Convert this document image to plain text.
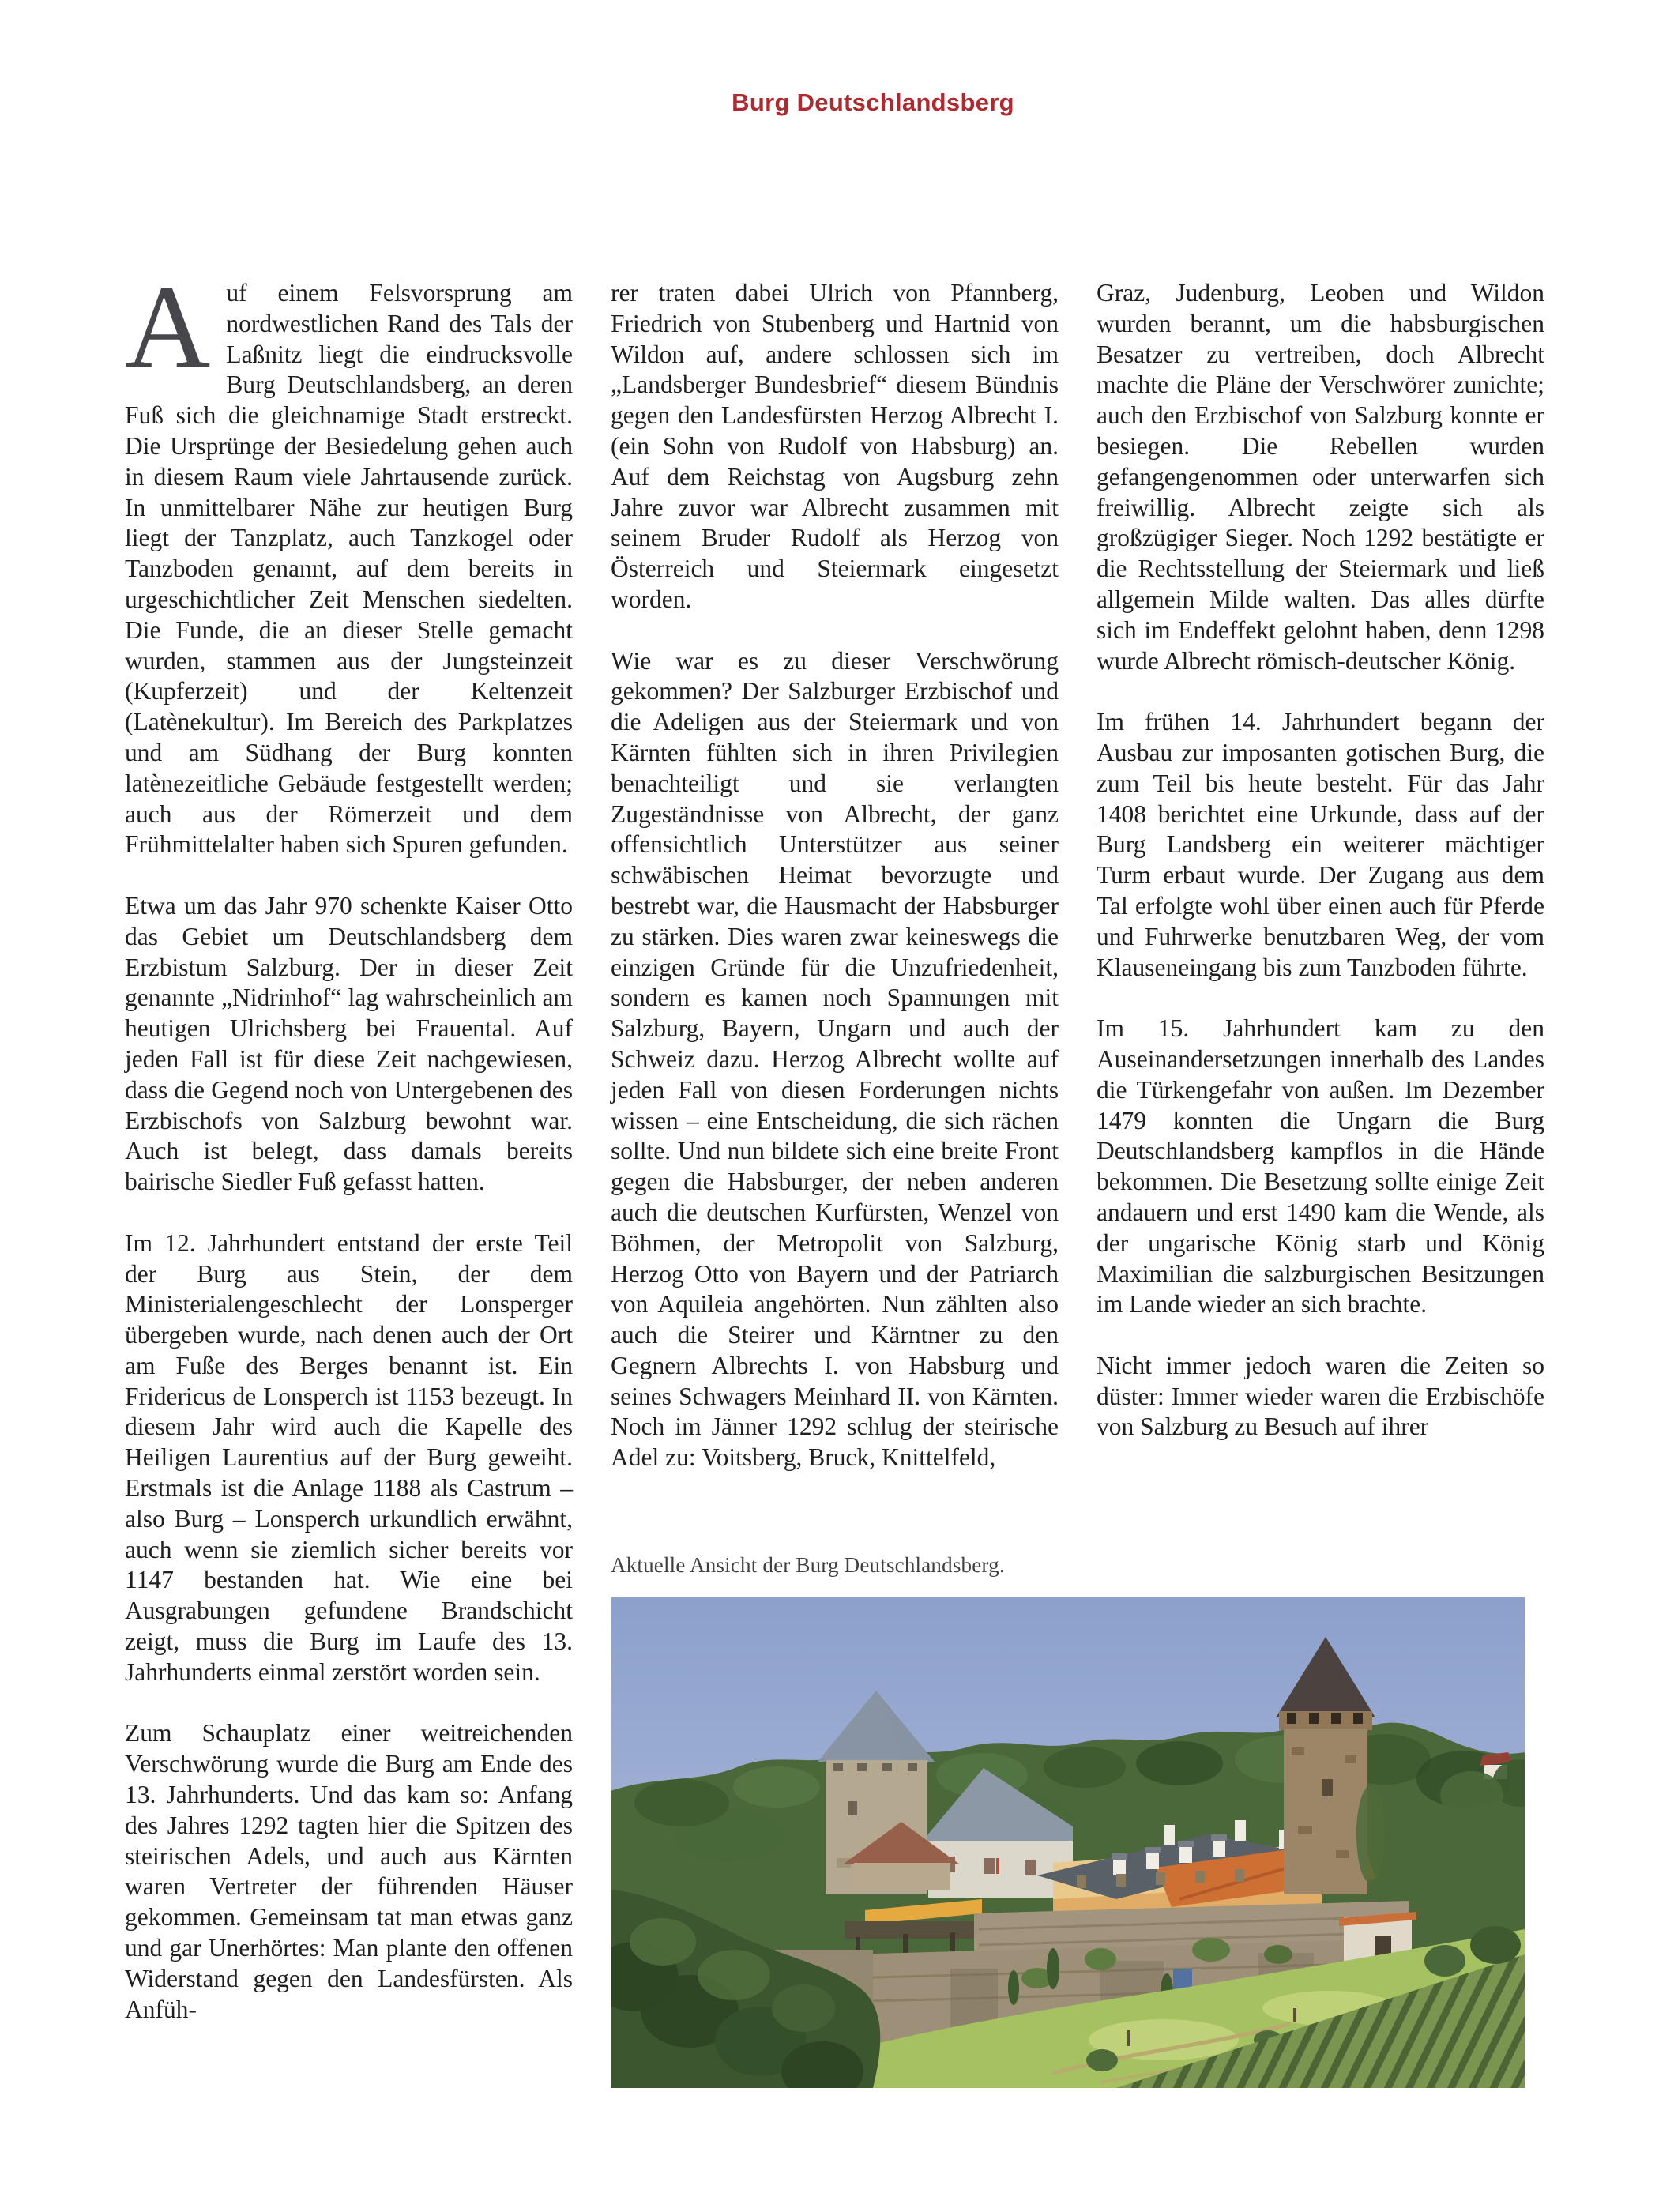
Burg Deutschlandsberg

Auf einem Felsvorsprung am nordwestlichen Rand des Tals der Laßnitz liegt die eindrucksvolle Burg Deutschlandsberg, an deren Fuß sich die gleichnamige Stadt erstreckt. Die Ursprünge der Besiedelung gehen auch in diesem Raum viele Jahrtausende zurück. In unmittelbarer Nähe zur heutigen Burg liegt der Tanzplatz, auch Tanzkogel oder Tanzboden genannt, auf dem bereits in urgeschichtlicher Zeit Menschen siedelten. Die Funde, die an dieser Stelle gemacht wurden, stammen aus der Jungsteinzeit (Kupferzeit) und der Keltenzeit (Latènekultur). Im Bereich des Parkplatzes und am Südhang der Burg konnten latènezeitliche Gebäude festgestellt werden; auch aus der Römerzeit und dem Frühmittelalter haben sich Spuren gefunden.

Etwa um das Jahr 970 schenkte Kaiser Otto das Gebiet um Deutschlandsberg dem Erzbistum Salzburg. Der in dieser Zeit genannte „Nidrinhof“ lag wahrscheinlich am heutigen Ulrichsberg bei Frauental. Auf jeden Fall ist für diese Zeit nachgewiesen, dass die Gegend noch von Untergebenen des Erzbischofs von Salzburg bewohnt war. Auch ist belegt, dass damals bereits bairische Siedler Fuß gefasst hatten.

Im 12. Jahrhundert entstand der erste Teil der Burg aus Stein, der dem Ministerialengeschlecht der Lonsperger übergeben wurde, nach denen auch der Ort am Fuße des Berges benannt ist. Ein Fridericus de Lonsperch ist 1153 bezeugt. In diesem Jahr wird auch die Kapelle des Heiligen Laurentius auf der Burg geweiht. Erstmals ist die Anlage 1188 als Castrum – also Burg – Lonsperch urkundlich erwähnt, auch wenn sie ziemlich sicher bereits vor 1147 bestanden hat. Wie eine bei Ausgrabungen gefundene Brandschicht zeigt, muss die Burg im Laufe des 13. Jahrhunderts einmal zerstört worden sein.

Zum Schauplatz einer weitreichenden Verschwörung wurde die Burg am Ende des 13. Jahrhunderts. Und das kam so: Anfang des Jahres 1292 tagten hier die Spitzen des steirischen Adels, und auch aus Kärnten waren Vertreter der führenden Häuser gekommen. Gemeinsam tat man etwas ganz und gar Unerhörtes: Man plante den offenen Widerstand gegen den Landesfürsten. Als Anfüh-

rer traten dabei Ulrich von Pfannberg, Friedrich von Stubenberg und Hartnid von Wildon auf, andere schlossen sich im „Landsberger Bundesbrief“ diesem Bündnis gegen den Landesfürsten Herzog Albrecht I. (ein Sohn von Rudolf von Habsburg) an. Auf dem Reichstag von Augsburg zehn Jahre zuvor war Albrecht zusammen mit seinem Bruder Rudolf als Herzog von Österreich und Steiermark eingesetzt worden.

Wie war es zu dieser Verschwörung gekommen? Der Salzburger Erzbischof und die Adeligen aus der Steiermark und von Kärnten fühlten sich in ihren Privilegien benachteiligt und sie verlangten Zugeständnisse von Albrecht, der ganz offensichtlich Unterstützer aus seiner schwäbischen Heimat bevorzugte und bestrebt war, die Hausmacht der Habsburger zu stärken. Dies waren zwar keineswegs die einzigen Gründe für die Unzufriedenheit, sondern es kamen noch Spannungen mit Salzburg, Bayern, Ungarn und auch der Schweiz dazu. Herzog Albrecht wollte auf jeden Fall von diesen Forderungen nichts wissen – eine Entscheidung, die sich rächen sollte. Und nun bildete sich eine breite Front gegen die Habsburger, der neben anderen auch die deutschen Kurfürsten, Wenzel von Böhmen, der Metropolit von Salzburg, Herzog Otto von Bayern und der Patriarch von Aquileia angehörten. Nun zählten also auch die Steirer und Kärntner zu den Gegnern Albrechts I. von Habsburg und seines Schwagers Meinhard II. von Kärnten. Noch im Jänner 1292 schlug der steirische Adel zu: Voitsberg, Bruck, Knittelfeld,

Graz, Judenburg, Leoben und Wildon wurden berannt, um die habsburgischen Besatzer zu vertreiben, doch Albrecht machte die Pläne der Verschwörer zunichte; auch den Erzbischof von Salzburg konnte er besiegen. Die Rebellen wurden gefangengenommen oder unterwarfen sich freiwillig. Albrecht zeigte sich als großzügiger Sieger. Noch 1292 bestätigte er die Rechtsstellung der Steiermark und ließ allgemein Milde walten. Das alles dürfte sich im Endeffekt gelohnt haben, denn 1298 wurde Albrecht römisch-deutscher König.

Im frühen 14. Jahrhundert begann der Ausbau zur imposanten gotischen Burg, die zum Teil bis heute besteht. Für das Jahr 1408 berichtet eine Urkunde, dass auf der Burg Landsberg ein weiterer mächtiger Turm erbaut wurde. Der Zugang aus dem Tal erfolgte wohl über einen auch für Pferde und Fuhrwerke benutzbaren Weg, der vom Klauseneingang bis zum Tanzboden führte.

Im 15. Jahrhundert kam zu den Auseinandersetzungen innerhalb des Landes die Türkengefahr von außen. Im Dezember 1479 konnten die Ungarn die Burg Deutschlandsberg kampflos in die Hände bekommen. Die Besetzung sollte einige Zeit andauern und erst 1490 kam die Wende, als der ungarische König starb und König Maximilian die salzburgischen Besitzungen im Lande wieder an sich brachte.

Nicht immer jedoch waren die Zeiten so düster: Immer wieder waren die Erzbischöfe von Salzburg zu Besuch auf ihrer

Aktuelle Ansicht der Burg Deutschlandsberg.
